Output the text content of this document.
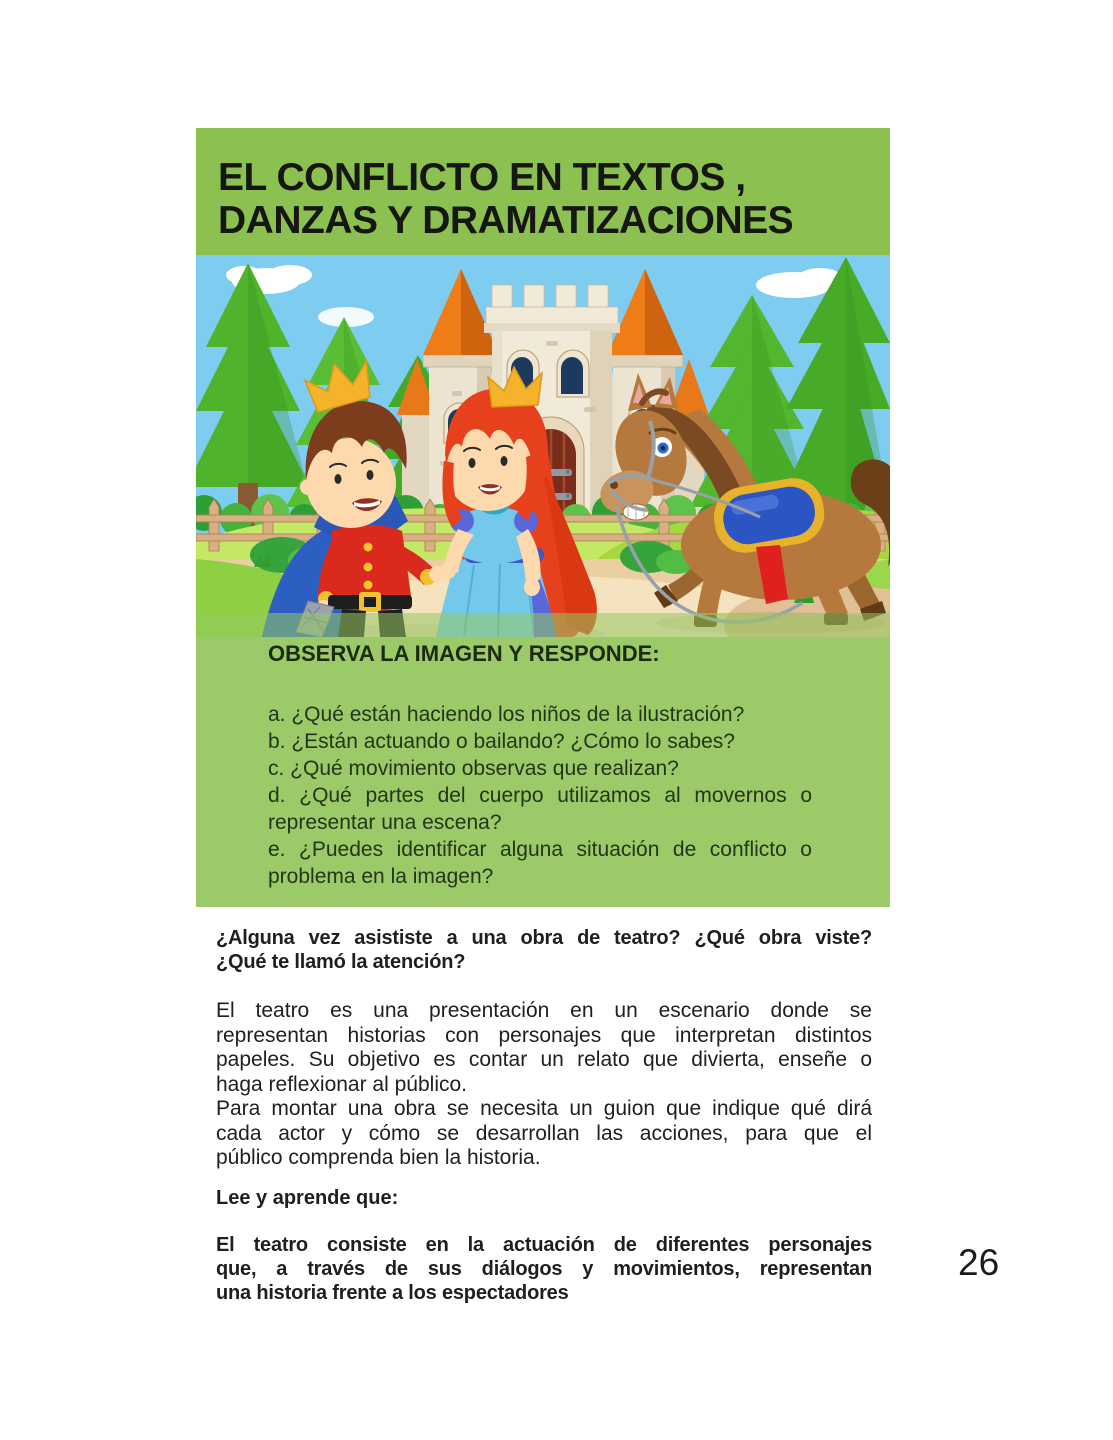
EL CONFLICTO EN TEXTOS ,
DANZAS Y DRAMATIZACIONES
OBSERVA LA IMAGEN Y RESPONDE:

a. ¿Qué están haciendo los niños de la ilustración?

b. ¿Están actuando o bailando? ¿Cómo lo sabes?

c. ¿Qué movimiento observas que realizan?

d. ¿Qué partes del cuerpo utilizamos al movernos o
representar una escena?

e. ¿Puedes identificar alguna situación de conflicto o
problema en la imagen?

¿Alguna vez asististe a una obra de teatro? ¿Qué obra viste?
¿Qué te llamó la atención?

El teatro es una presentación en un escenario donde se
representan historias con personajes que interpretan distintos
papeles. Su objetivo es contar un relato que divierta, enseñe o
haga reflexionar al público.

Para montar una obra se necesita un guion que indique qué dirá
cada actor y cómo se desarrollan las acciones, para que el
público comprenda bien la historia.

Lee y aprende que:

El teatro consiste en la actuación de diferentes personajes
que, a través de sus diálogos y movimientos, representan
una historia frente a los espectadores

26
